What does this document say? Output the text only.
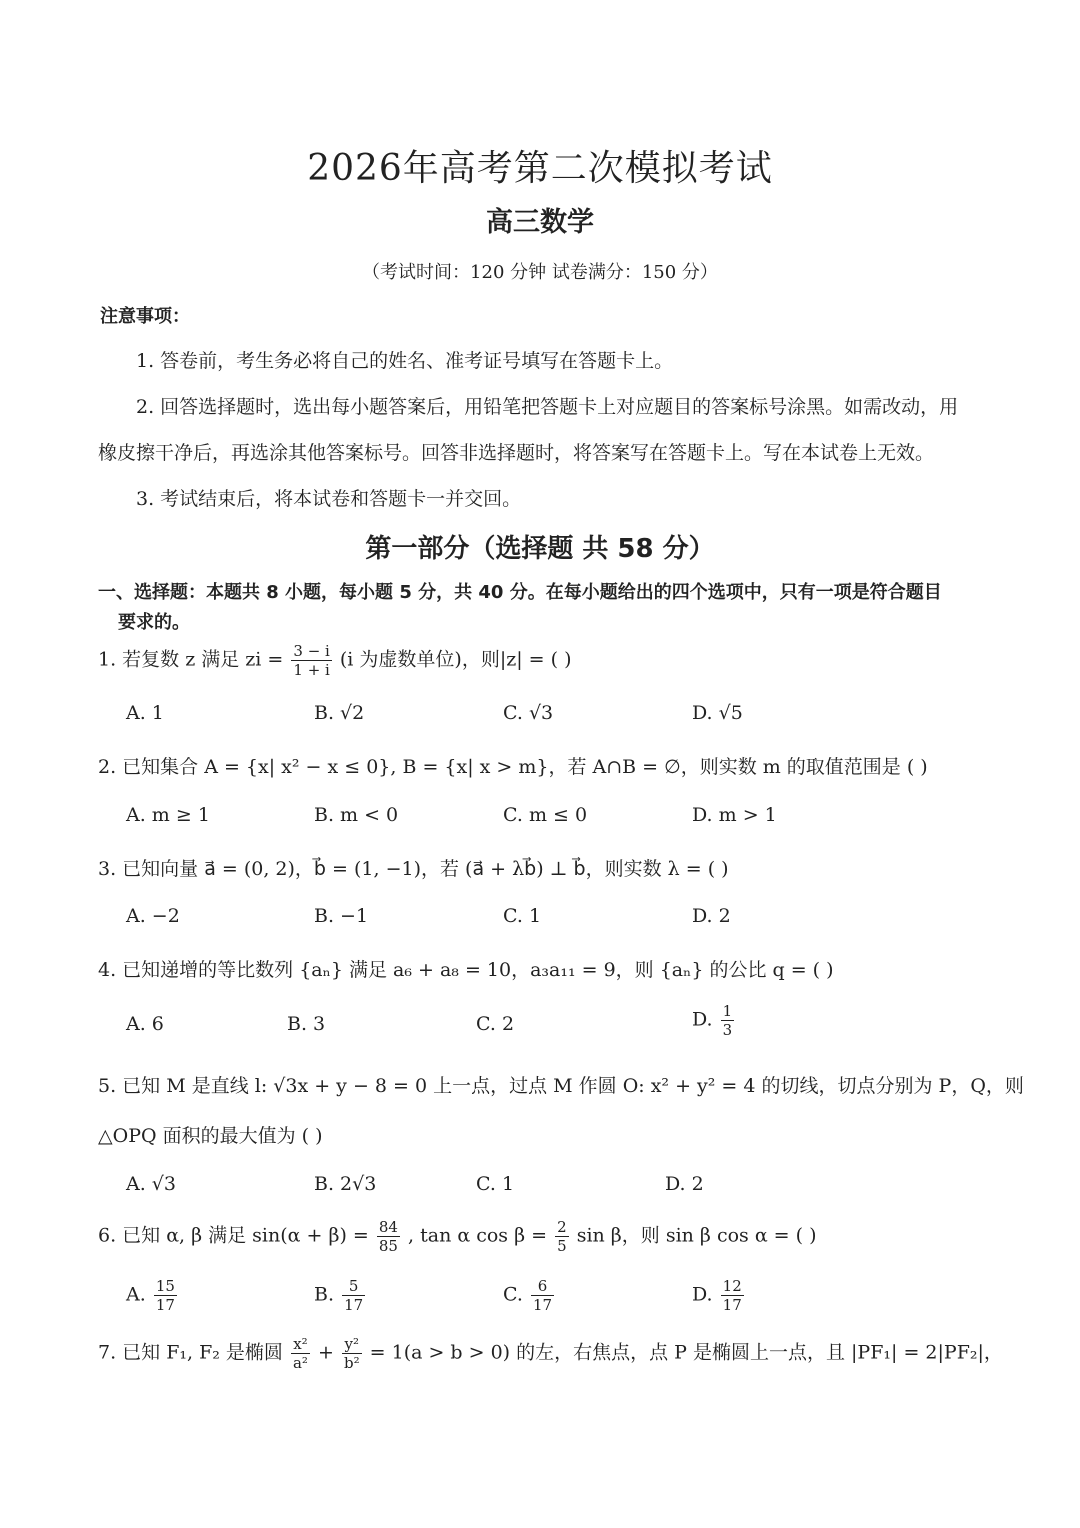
2026年高考第二次模拟考试
高三数学
（考试时间：120 分钟 试卷满分：150 分）
注意事项：
1. 答卷前，考生务必将自己的姓名、准考证号填写在答题卡上。
2. 回答选择题时，选出每小题答案后，用铅笔把答题卡上对应题目的答案标号涂黑。如需改动，用
橡皮擦干净后，再选涂其他答案标号。回答非选择题时，将答案写在答题卡上。写在本试卷上无效。
3. 考试结束后，将本试卷和答题卡一并交回。
第一部分（选择题 共 58 分）
一、选择题：本题共 8 小题，每小题 5 分，共 40 分。在每小题给出的四个选项中，只有一项是符合题目
要求的。
1. 若复数 z 满足 zi = $\frac{3 - i}{1 + i} (i$ 为虚数单位)，则|z| = ( )
A. 1	B. √2	C. √3	D. √5
2. 已知集合 A = {x| x² − x ≤ 0}, B = {x| x > m}，若 A∩B = ∅，则实数 m 的取值范围是 ( )
A. m ≥ 1	B. m < 0	C. m ≤ 0	D. m > 1
3. 已知向量 a⃗ = (0, 2)，b⃗ = (1, −1)，若 (a⃗ + λb⃗) ⊥ b⃗，则实数 λ = ( )
A. −2	B. −1	C. 1	D. 2
4. 已知递增的等比数列 {aₙ} 满足 a₆ + a₈ = 10，a₃a₁₁ = 9，则 {aₙ} 的公比 q = ( )
A. 6	B. 3	C. 2	D. $\frac{1}{3}$
5. 已知 M 是直线 l: √3x + y − 8 = 0 上一点，过点 M 作圆 O: x² + y² = 4 的切线，切点分别为 P，Q，则
△OPQ 面积的最大值为 ( )
A. √3	B. 2√3	C. 1	D. 2
6. 已知 α, β 满足 $\sin(\alpha + \beta) = \frac{84}{85}$ , tan α $\cos \beta = \frac{2}{5}$ sin β，则 sin β cos α = ( )
A. $\frac{15}{17}$	B. $\frac{5}{17}$	C. $\frac{6}{17}$	D. $\frac{12}{17}$
7. 已知 F₁, F₂ 是椭圆 $\frac{\text{x²}}{\text{a²}} + \frac{\text{y²}}{\text{b²}} = 1(a > b > 0)$ 的左，右焦点，点 P 是椭圆上一点，且 |PF₁| = 2|PF₂|，
